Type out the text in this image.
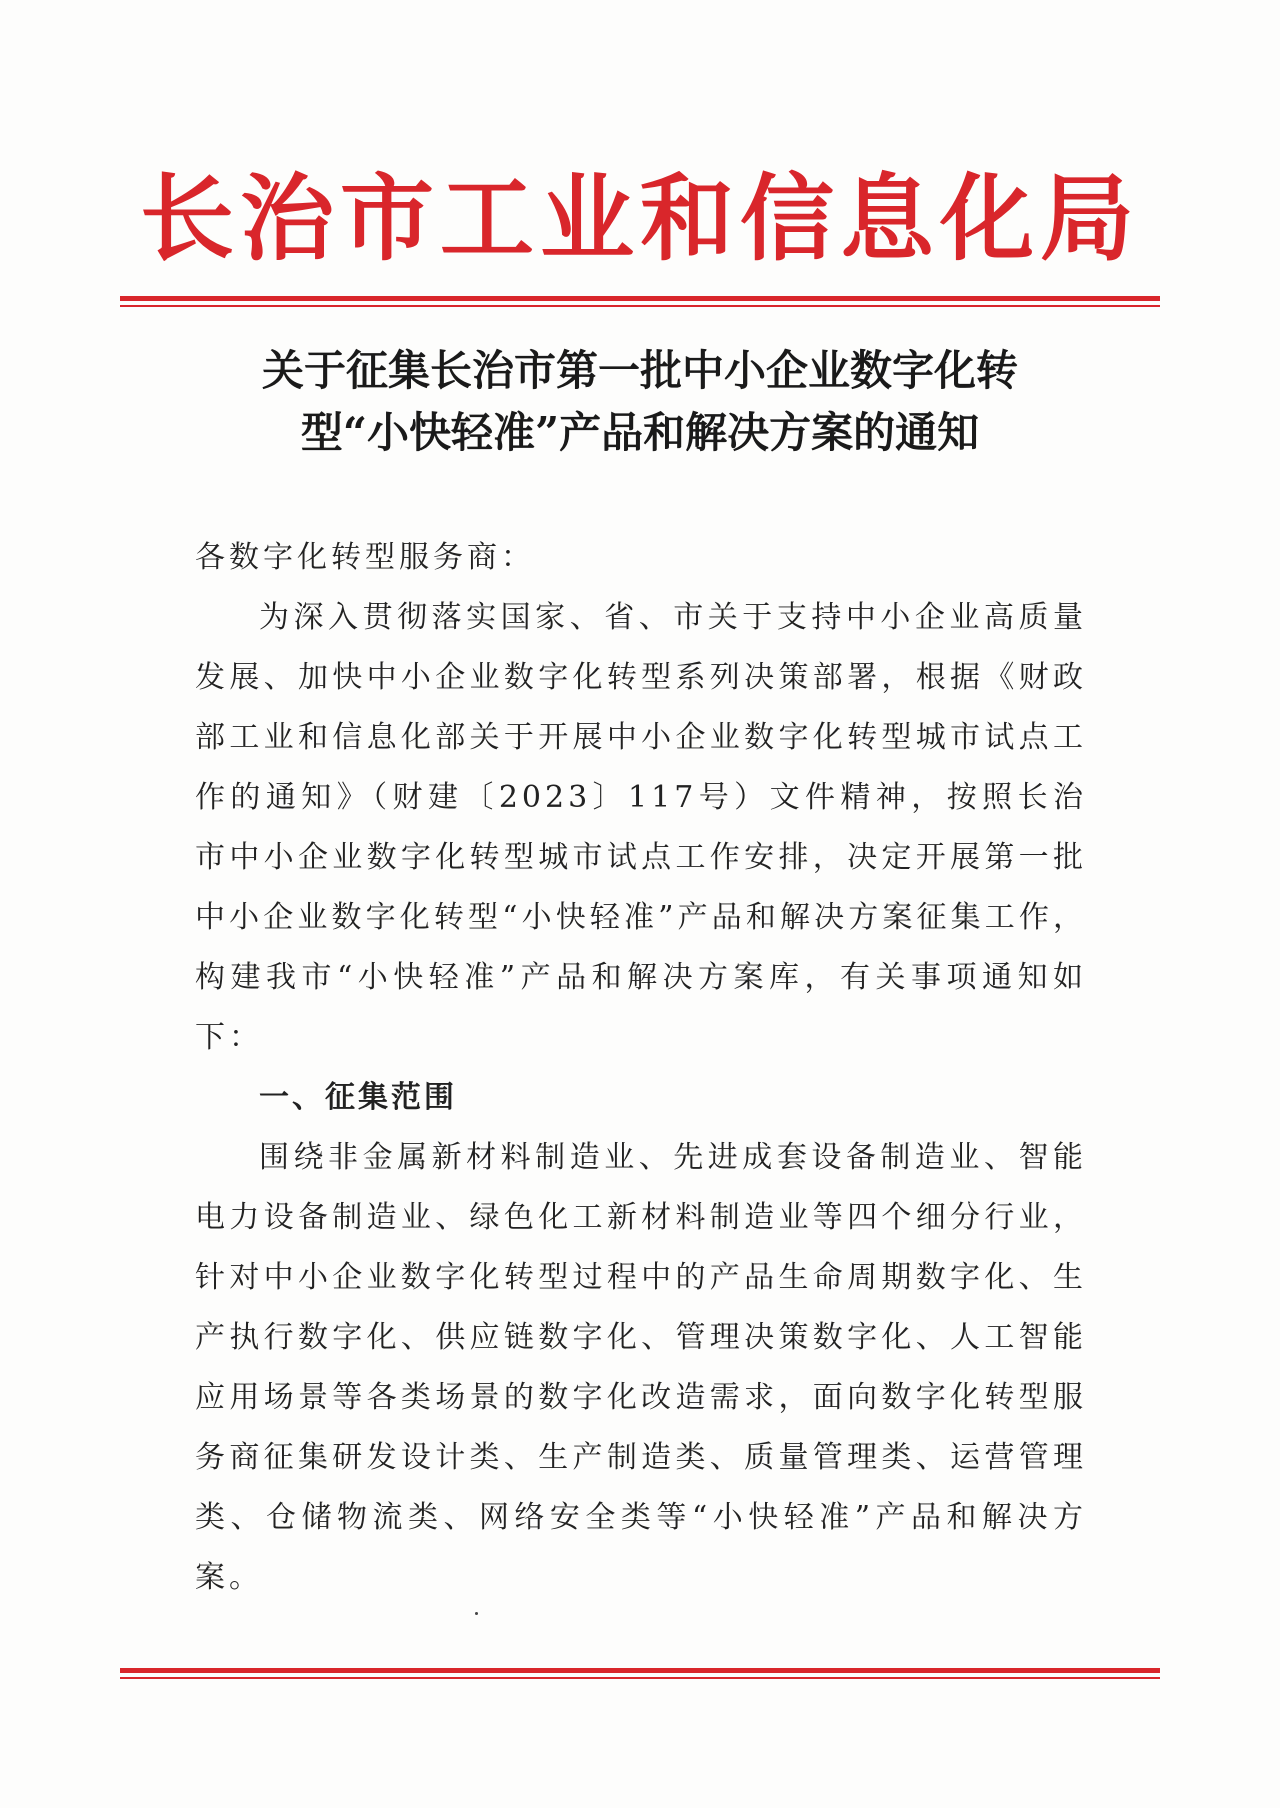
长治市工业和信息化局
关于征集长治市第一批中小企业数字化转
型“小快轻准”产品和解决方案的通知

各数字化转型服务商：

为深入贯彻落实国家、省、市关于支持中小企业高质量发展、加快中小企业数字化转型系列决策部署，根据《财政部工业和信息化部关于开展中小企业数字化转型城市试点工作的通知》（财建〔2023〕117号）文件精神，按照长治市中小企业数字化转型城市试点工作安排，决定开展第一批中小企业数字化转型“小快轻准”产品和解决方案征集工作，构建我市“小快轻准”产品和解决方案库，有关事项通知如下：

一、征集范围

围绕非金属新材料制造业、先进成套设备制造业、智能电力设备制造业、绿色化工新材料制造业等四个细分行业，针对中小企业数字化转型过程中的产品生命周期数字化、生产执行数字化、供应链数字化、管理决策数字化、人工智能应用场景等各类场景的数字化改造需求，面向数字化转型服务商征集研发设计类、生产制造类、质量管理类、运营管理类、仓储物流类、网络安全类等“小快轻准”产品和解决方案。
